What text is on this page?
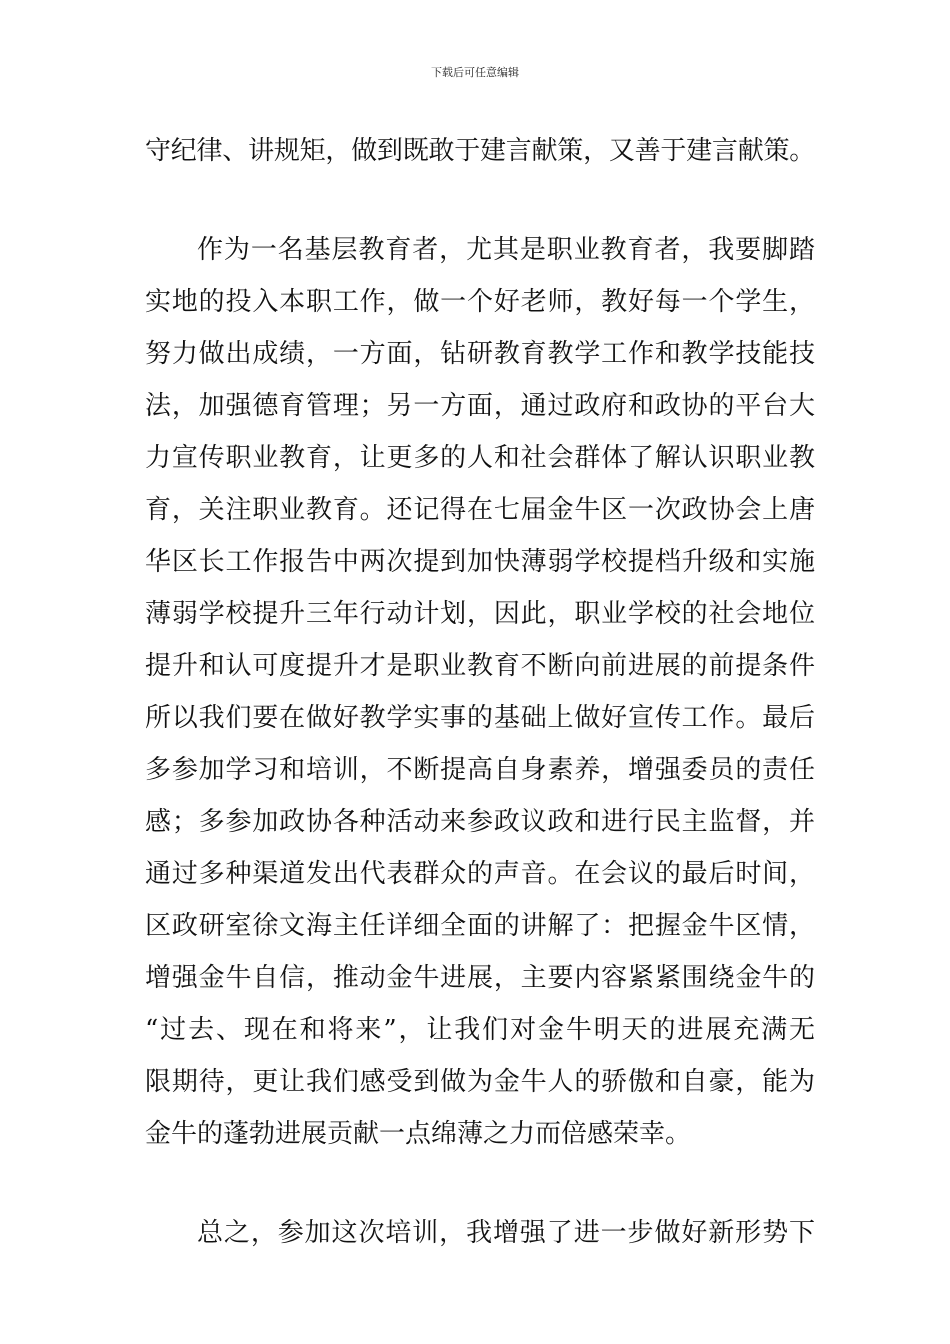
下载后可任意编辑
守纪律、讲规矩，做到既敢于建言献策，又善于建言献策。
作为一名基层教育者，尤其是职业教育者，我要脚踏
实地的投入本职工作，做一个好老师，教好每一个学生，
努力做出成绩，一方面，钻研教育教学工作和教学技能技
法，加强德育管理；另一方面，通过政府和政协的平台大
力宣传职业教育，让更多的人和社会群体了解认识职业教
育，关注职业教育。还记得在七届金牛区一次政协会上唐
华区长工作报告中两次提到加快薄弱学校提档升级和实施
薄弱学校提升三年行动计划，因此，职业学校的社会地位
提升和认可度提升才是职业教育不断向前进展的前提条件
所以我们要在做好教学实事的基础上做好宣传工作。最后
多参加学习和培训，不断提高自身素养，增强委员的责任
感；多参加政协各种活动来参政议政和进行民主监督，并
通过多种渠道发出代表群众的声音。在会议的最后时间，
区政研室徐文海主任详细全面的讲解了：把握金牛区情，
增强金牛自信，推动金牛进展，主要内容紧紧围绕金牛的
“过去、现在和将来”，让我们对金牛明天的进展充满无
限期待，更让我们感受到做为金牛人的骄傲和自豪，能为
金牛的蓬勃进展贡献一点绵薄之力而倍感荣幸。
总之，参加这次培训，我增强了进一步做好新形势下
